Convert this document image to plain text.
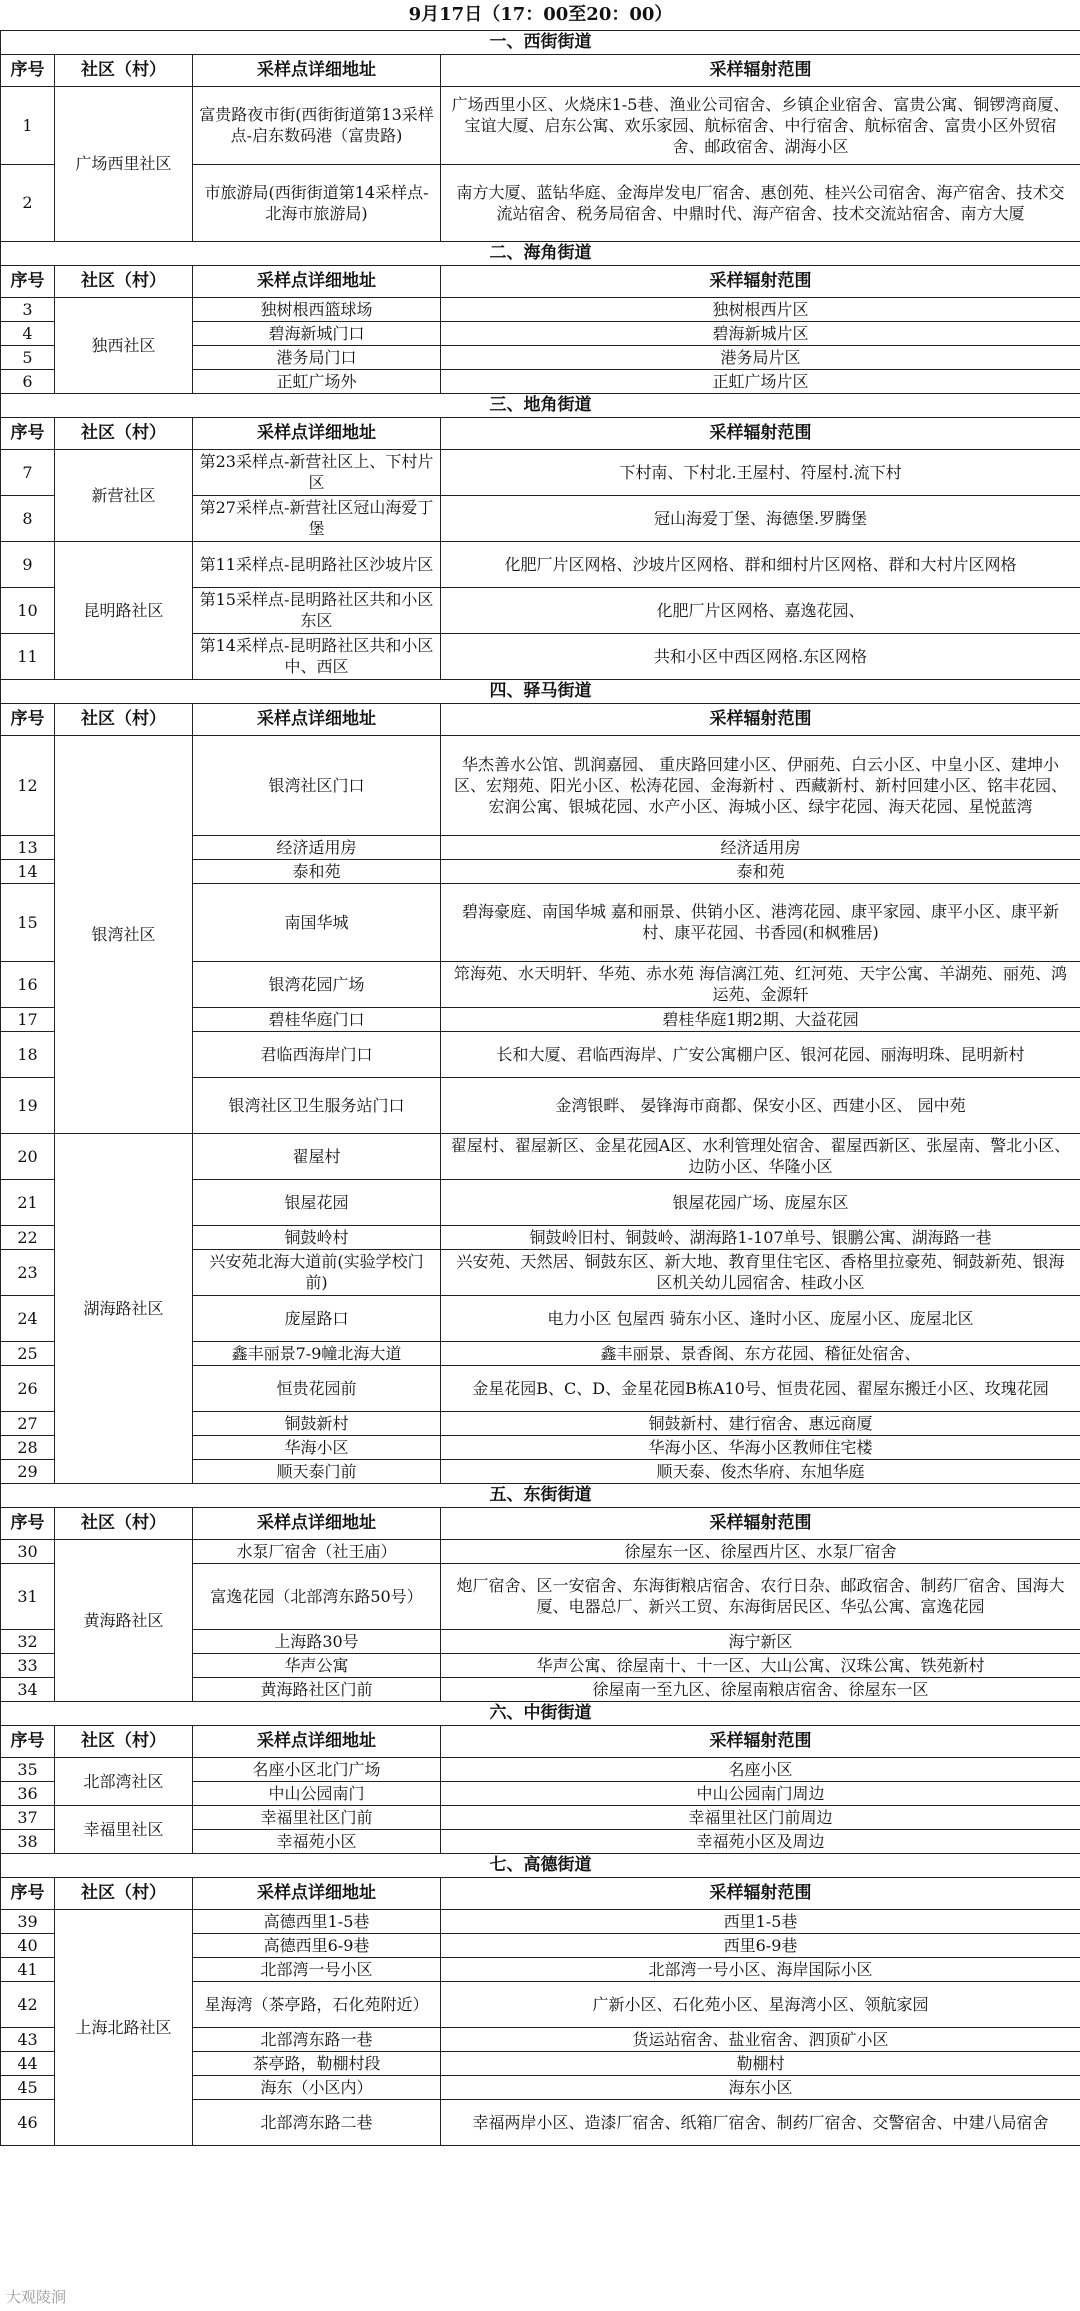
9月17日（17：00至20：00）			
一、西街街道			
序号	社区（村）	采样点详细地址	采样辐射范围
1	广场西里社区	富贵路夜市街(西街街道第13采样点-启东数码港（富贵路)	广场西里小区、火烧床1-5巷、渔业公司宿舍、乡镇企业宿舍、富贵公寓、铜锣湾商厦、宝谊大厦、启东公寓、欢乐家园、航标宿舍、中行宿舍、航标宿舍、富贵小区外贸宿舍、邮政宿舍、湖海小区
2		市旅游局(西街街道第14采样点-北海市旅游局)	南方大厦、蓝钻华庭、金海岸发电厂宿舍、惠创苑、桂兴公司宿舍、海产宿舍、技术交流站宿舍、税务局宿舍、中鼎时代、海产宿舍、技术交流站宿舍、南方大厦
二、海角街道			
序号	社区（村）	采样点详细地址	采样辐射范围
3	独西社区	独树根西篮球场	独树根西片区
4		碧海新城门口	碧海新城片区
5		港务局门口	港务局片区
6		正虹广场外	正虹广场片区
三、地角街道			
序号	社区（村）	采样点详细地址	采样辐射范围
7	新营社区	第23采样点-新营社区上、下村片区	下村南、下村北.王屋村、符屋村.流下村
8		第27采样点-新营社区冠山海爱丁堡	冠山海爱丁堡、海德堡.罗腾堡
9	昆明路社区	第11采样点-昆明路社区沙坡片区	化肥厂片区网格、沙坡片区网格、群和细村片区网格、群和大村片区网格
10		第15采样点-昆明路社区共和小区东区	化肥厂片区网格、嘉逸花园、
11		第14采样点-昆明路社区共和小区中、西区	共和小区中西区网格.东区网格
四、驿马街道			
序号	社区（村）	采样点详细地址	采样辐射范围
12	银湾社区	银湾社区门口	华杰善水公馆、凯润嘉园、 重庆路回建小区、伊丽苑、白云小区、中皇小区、建坤小区、宏翔苑、阳光小区、松涛花园、金海新村 、西藏新村、新村回建小区、铭丰花园、宏润公寓、银城花园、水产小区、海城小区、绿宇花园、海天花园、星悦蓝湾
13		经济适用房	经济适用房
14		泰和苑	泰和苑
15		南国华城	碧海豪庭、南国华城 嘉和丽景、供销小区、港湾花园、康平家园、康平小区、康平新村、康平花园、书香园(和枫雅居)
16		银湾花园广场	筇海苑、水天明轩、华苑、赤水苑 海信漓江苑、红河苑、天宇公寓、羊湖苑、丽苑、鸿运苑、金源轩
17		碧桂华庭门口	碧桂华庭1期2期、大益花园
18		君临西海岸门口	长和大厦、君临西海岸、广安公寓棚户区、银河花园、丽海明珠、昆明新村
19		银湾社区卫生服务站门口	金湾银畔、 晏锋海市商都、保安小区、西建小区、 园中苑
20	湖海路社区	翟屋村	翟屋村、翟屋新区、金星花园A区、水利管理处宿舍、翟屋西新区、张屋南、警北小区、边防小区、华隆小区
21		银屋花园	银屋花园广场、庞屋东区
22		铜鼓岭村	铜鼓岭旧村、铜鼓岭、湖海路1-107单号、银鹏公寓、湖海路一巷
23		兴安苑北海大道前(实验学校门前)	兴安苑、天然居、铜鼓东区、新大地、教育里住宅区、香格里拉豪苑、铜鼓新苑、银海区机关幼儿园宿舍、桂政小区
24		庞屋路口	电力小区 包屋西 骑东小区、逢时小区、庞屋小区、庞屋北区
25		鑫丰丽景7-9幢北海大道	鑫丰丽景、景香阁、东方花园、稽征处宿舍、
26		恒贵花园前	金星花园B、C、D、金星花园B栋A10号、恒贵花园、翟屋东搬迁小区、玫瑰花园
27		铜鼓新村	铜鼓新村、建行宿舍、惠远商厦
28		华海小区	华海小区、华海小区教师住宅楼
29		顺天泰门前	顺天泰、俊杰华府、东旭华庭
五、东街街道			
序号	社区（村）	采样点详细地址	采样辐射范围
30	黄海路社区	水泵厂宿舍（社王庙）	徐屋东一区、徐屋西片区、水泵厂宿舍
31		富逸花园（北部湾东路50号）	炮厂宿舍、区一安宿舍、东海街粮店宿舍、农行日杂、邮政宿舍、制药厂宿舍、国海大厦、电器总厂、新兴工贸、东海街居民区、华弘公寓、富逸花园
32		上海路30号	海宁新区
33		华声公寓	华声公寓、徐屋南十、十一区、大山公寓、汉珠公寓、铁苑新村
34		黄海路社区门前	徐屋南一至九区、徐屋南粮店宿舍、徐屋东一区
六、中街街道			
序号	社区（村）	采样点详细地址	采样辐射范围
35	北部湾社区	名座小区北门广场	名座小区
36		中山公园南门	中山公园南门周边
37	幸福里社区	幸福里社区门前	幸福里社区门前周边
38		幸福苑小区	幸福苑小区及周边
七、高德街道			
序号	社区（村）	采样点详细地址	采样辐射范围
39	上海北路社区	高德西里1-5巷	西里1-5巷
40		高德西里6-9巷	西里6-9巷
41		北部湾一号小区	北部湾一号小区、海岸国际小区
42		星海湾（茶亭路，石化苑附近）	广新小区、石化苑小区、星海湾小区、领航家园
43		北部湾东路一巷	货运站宿舍、盐业宿舍、泗顶矿小区
44		茶亭路，勒棚村段	勒棚村
45		海东（小区内）	海东小区
46		北部湾东路二巷	幸福两岸小区、造漆厂宿舍、纸箱厂宿舍、制药厂宿舍、交警宿舍、中建八局宿舍
大观陵涧
